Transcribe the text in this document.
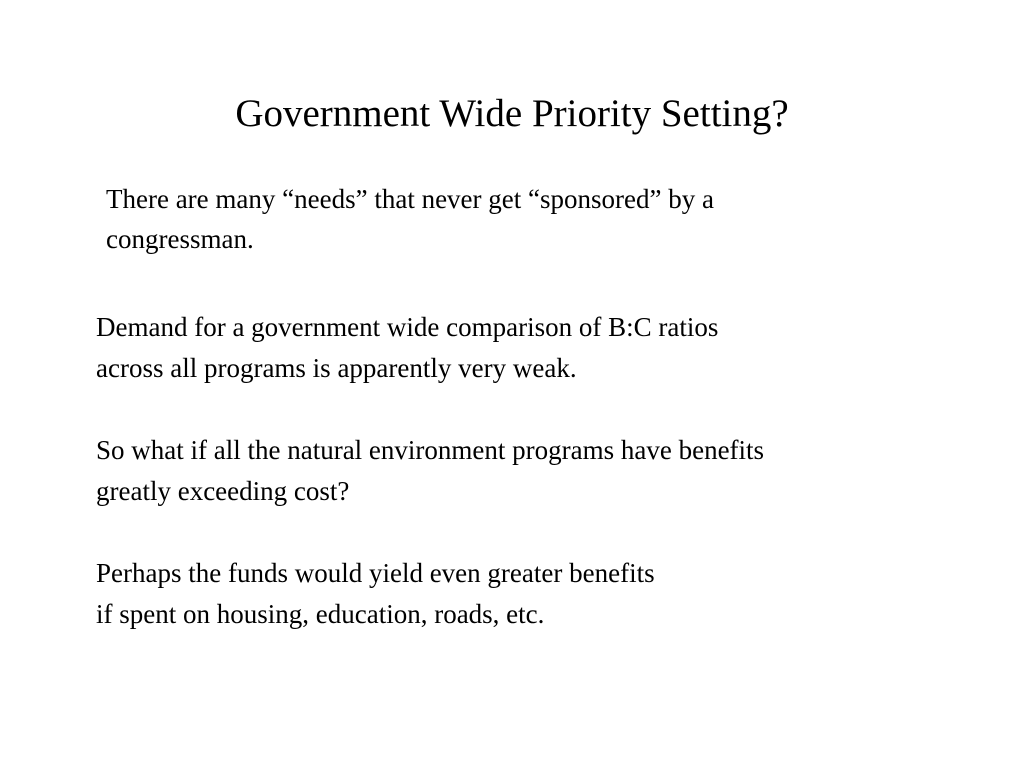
Government Wide Priority Setting?
There are many “needs” that never get “sponsored” by a
congressman.
Demand for a government wide comparison of B:C ratios
across all programs is apparently very weak.
So what if all the natural environment programs have benefits
greatly exceeding cost?
Perhaps the funds would yield even greater benefits
if spent on housing, education, roads, etc.
